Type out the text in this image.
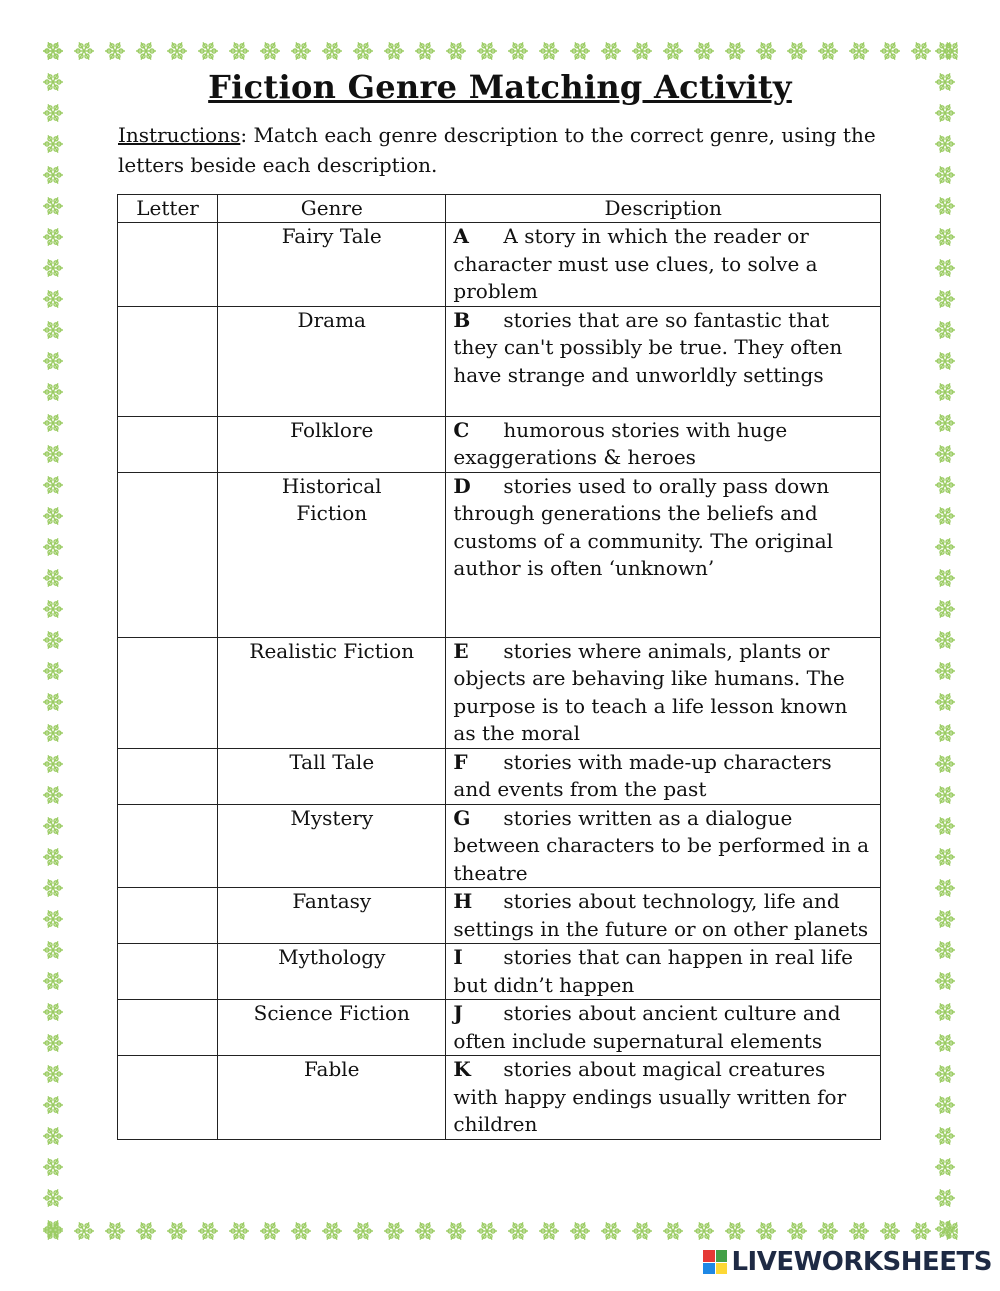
Fiction Genre Matching Activity
Instructions: Match each genre description to the correct genre, using the letters beside each description.
Letter	Genre	Description
	Fairy Tale	A A story in which the reader or character must use clues, to solve a problem
	Drama	B stories that are so fantastic that they can't possibly be true. They often have strange and unworldly settings
	Folklore	C humorous stories with huge exaggerations & heroes
	Historical Fiction	D stories used to orally pass down through generations the beliefs and customs of a community. The original author is often ‘unknown’
	Realistic Fiction	E stories where animals, plants or objects are behaving like humans. The purpose is to teach a life lesson known as the moral
	Tall Tale	F stories with made-up characters and events from the past
	Mystery	G stories written as a dialogue between characters to be performed in a theatre
	Fantasy	H stories about technology, life and settings in the future or on other planets
	Mythology	I stories that can happen in real life but didn’t happen
	Science Fiction	J stories about ancient culture and often include supernatural elements
	Fable	K stories about magical creatures with happy endings usually written for children
LIVEWORKSHEETS
